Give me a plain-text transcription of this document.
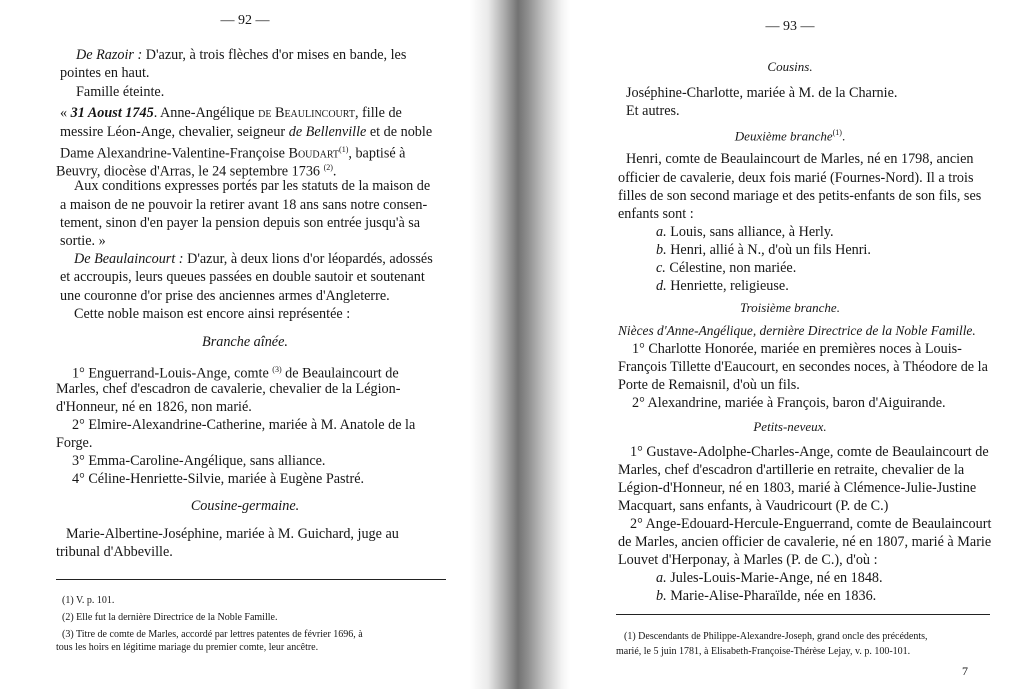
— 92 —
De Razoir : D'azur, à trois flèches d'or mises en bande, les
pointes en haut.
Famille éteinte.
« 31 Aoust 1745. Anne-Angélique de Beaulincourt, fille de
messire Léon-Ange, chevalier, seigneur de Bellenville et de noble
Dame Alexandrine-Valentine-Françoise Boudart$^{(1)}$, baptisé à
Beuvry, diocèse d'Arras, le 24 septembre 1736 $^{(2)}$.
Aux conditions expresses portés par les statuts de la maison de
a maison de ne pouvoir la retirer avant 18 ans sans notre consen-
tement, sinon d'en payer la pension depuis son entrée jusqu'à sa
sortie. »
De Beaulaincourt : D'azur, à deux lions d'or léopardés, adossés
et accroupis, leurs queues passées en double sautoir et soutenant
une couronne d'or prise des anciennes armes d'Angleterre.
Cette noble maison est encore ainsi représentée :
Branche aînée.
1° Enguerrand-Louis-Ange, comte $^{(3)}$ de Beaulaincourt de
Marles, chef d'escadron de cavalerie, chevalier de la Légion-
d'Honneur, né en 1826, non marié.
2° Elmire-Alexandrine-Catherine, mariée à M. Anatole de la
Forge.
3° Emma-Caroline-Angélique, sans alliance.
4° Céline-Henriette-Silvie, mariée à Eugène Pastré.
Cousine-germaine.
Marie-Albertine-Joséphine, mariée à M. Guichard, juge au
tribunal d'Abbeville.
(1) V. p. 101.
(2) Elle fut la dernière Directrice de la Noble Famille.
(3) Titre de comte de Marles, accordé par lettres patentes de février 1696, à
tous les hoirs en légitime mariage du premier comte, leur ancêtre.
— 93 —
Cousins.
Joséphine-Charlotte, mariée à M. de la Charnie.
Et autres.
Deuxième branche$^{(1)}$.
Henri, comte de Beaulaincourt de Marles, né en 1798, ancien
officier de cavalerie, deux fois marié (Fournes-Nord). Il a trois
filles de son second mariage et des petits-enfants de son fils, ses
enfants sont :
a. Louis, sans alliance, à Herly.
b. Henri, allié à N., d'où un fils Henri.
c. Célestine, non mariée.
d. Henriette, religieuse.
Troisième branche.
Nièces d'Anne-Angélique, dernière Directrice de la Noble Famille.
1° Charlotte Honorée, mariée en premières noces à Louis-
François Tillette d'Eaucourt, en secondes noces, à Théodore de la
Porte de Remaisnil, d'où un fils.
2° Alexandrine, mariée à François, baron d'Aiguirande.
Petits-neveux.
1° Gustave-Adolphe-Charles-Ange, comte de Beaulaincourt de
Marles, chef d'escadron d'artillerie en retraite, chevalier de la
Légion-d'Honneur, né en 1803, marié à Clémence-Julie-Justine
Macquart, sans enfants, à Vaudricourt (P. de C.)
2° Ange-Edouard-Hercule-Enguerrand, comte de Beaulaincourt
de Marles, ancien officier de cavalerie, né en 1807, marié à Marie
Louvet d'Herponay, à Marles (P. de C.), d'où :
a. Jules-Louis-Marie-Ange, né en 1848.
b. Marie-Alise-Pharaïlde, née en 1836.
(1) Descendants de Philippe-Alexandre-Joseph, grand oncle des précédents,
marié, le 5 juin 1781, à Elisabeth-Françoise-Thérèse Lejay, v. p. 100-101.
7
